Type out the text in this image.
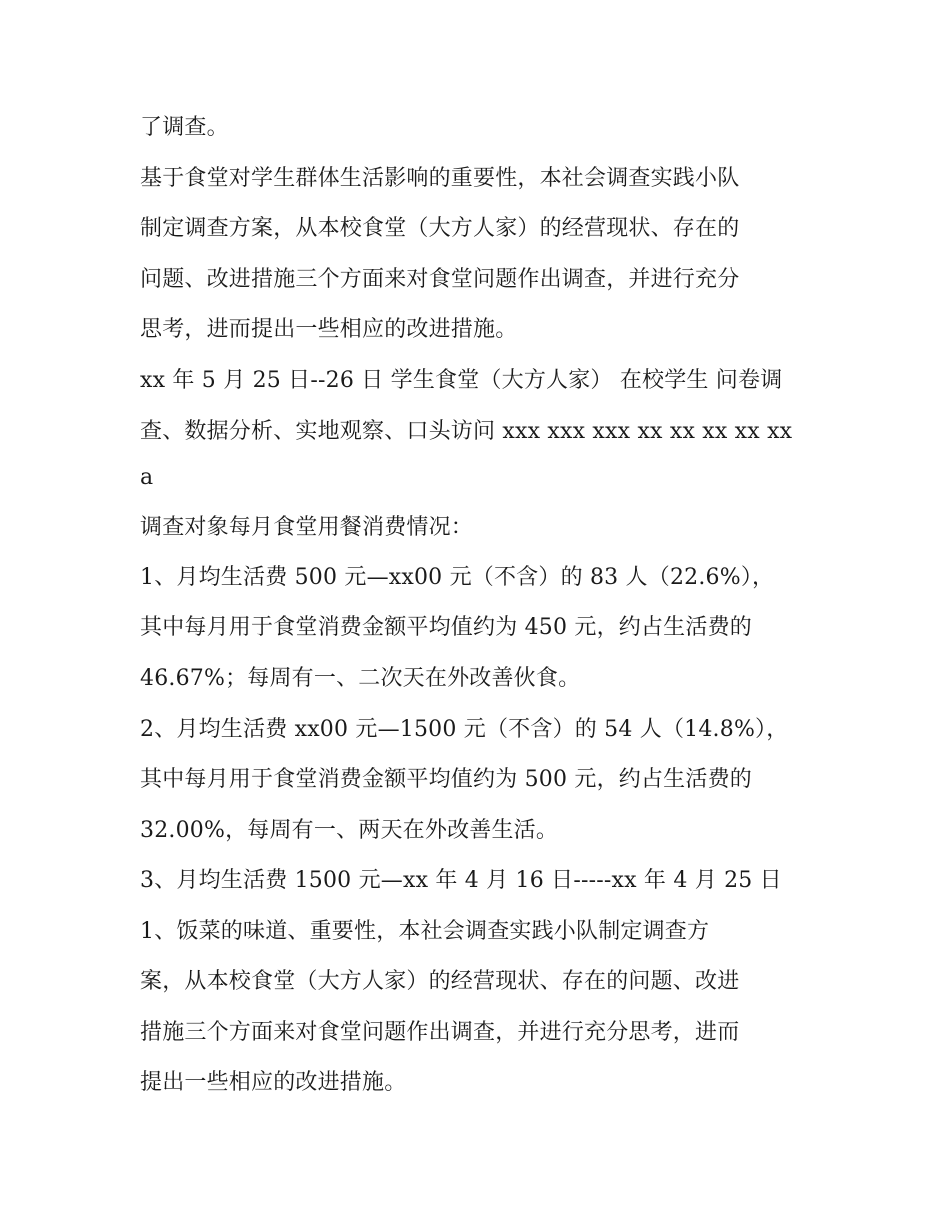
了调查。

基于食堂对学生群体生活影响的重要性，本社会调查实践小队

制定调查方案，从本校食堂（大方人家）的经营现状、存在的

问题、改进措施三个方面来对食堂问题作出调查，并进行充分

思考，进而提出一些相应的改进措施。

xx 年 5 月 25 日--26 日 学生食堂（大方人家） 在校学生 问卷调

查、数据分析、实地观察、口头访问 xxx xxx xxx xx xx xx xx xx

a

调查对象每月食堂用餐消费情况：

1、月均生活费 500 元—xx00 元（不含）的 83 人（22.6%），

其中每月用于食堂消费金额平均值约为 450 元，约占生活费的

46.67%；每周有一、二次天在外改善伙食。

2、月均生活费 xx00 元—1500 元（不含）的 54 人（14.8%），

其中每月用于食堂消费金额平均值约为 500 元，约占生活费的

32.00%，每周有一、两天在外改善生活。

3、月均生活费 1500 元—xx 年 4 月 16 日-----xx 年 4 月 25 日

1、饭菜的味道、重要性，本社会调查实践小队制定调查方

案，从本校食堂（大方人家）的经营现状、存在的问题、改进

措施三个方面来对食堂问题作出调查，并进行充分思考，进而

提出一些相应的改进措施。
